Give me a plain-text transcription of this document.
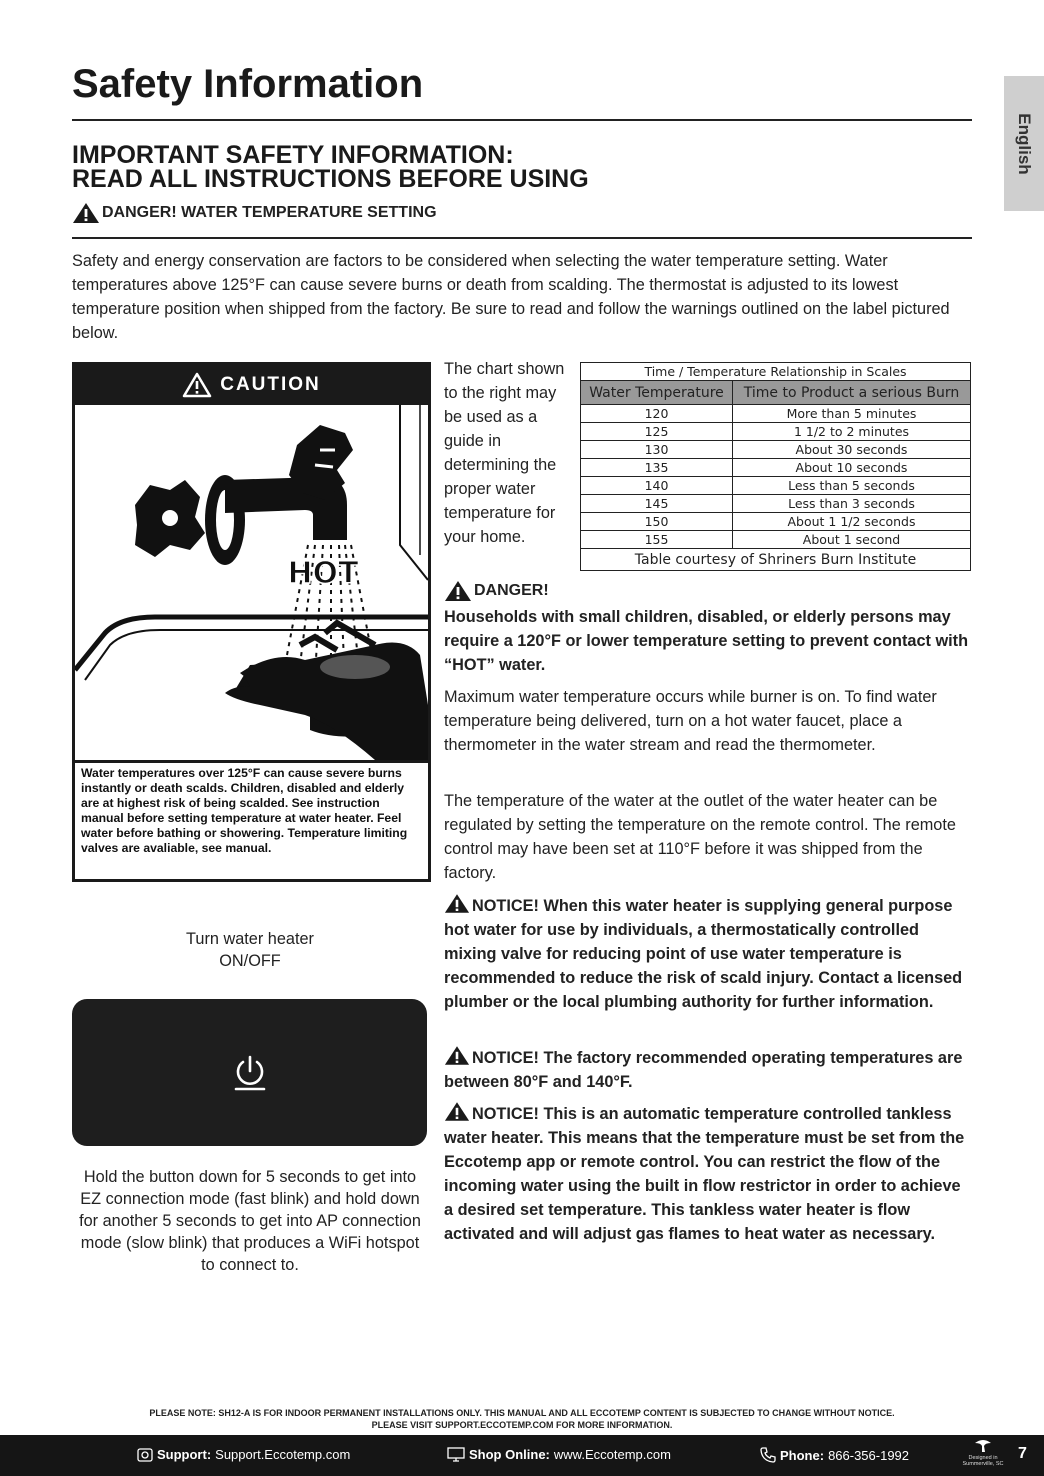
Safety Information
English
IMPORTANT SAFETY INFORMATION:
READ ALL INSTRUCTIONS BEFORE USING
DANGER! WATER TEMPERATURE SETTING
Safety and energy conservation are factors to be considered when selecting the water temperature setting. Water temperatures above 125°F can cause severe burns or death from scalding. The thermostat is adjusted to its lowest temperature position when shipped from the factory. Be sure to read and follow the warnings outlined on the label pictured below.
CAUTION
HOT
Water temperatures over 125°F can cause severe burns instantly or death scalds. Children, disabled and elderly are at highest risk of being scalded. See instruction manual before setting temperature at water heater. Feel water before bathing or showering. Temperature limiting valves are avaliable, see manual.
Turn water heater
ON/OFF
Hold the button down for 5 seconds to get into EZ connection mode (fast blink) and hold down for another 5 seconds to get into AP connection mode (slow blink) that produces a WiFi hotspot to connect to.
The chart shown to the right may be used as a guide in determining the proper water temperature for your home.
Time / Temperature Relationship in Scales	
Water Temperature	Time to Product a serious Burn
120	More than 5 minutes
125	1 1/2 to 2 minutes
130	About 30 seconds
135	About 10 seconds
140	Less than 5 seconds
145	Less than 3 seconds
150	About 1 1/2 seconds
155	About 1 second
Table courtesy of Shriners Burn Institute	
DANGER!
Households with small children, disabled, or elderly persons may require a 120°F or lower temperature setting to prevent contact with “HOT” water.
Maximum water temperature occurs while burner is on. To find water temperature being delivered, turn on a hot water faucet, place a thermometer in the water stream and read the thermometer.
The temperature of the water at the outlet of the water heater can be regulated by setting the temperature on the remote control. The remote control may have been set at 110°F before it was shipped from the factory.
NOTICE! When this water heater is supplying general purpose hot water for use by individuals, a thermostatically controlled mixing valve for reducing point of use water temperature is recommended to reduce the risk of scald injury. Contact a licensed plumber or the local plumbing authority for further information.
NOTICE! The factory recommended operating temperatures are between 80°F and 140°F.
NOTICE! This is an automatic temperature controlled tankless water heater. This means that the temperature must be set from the Eccotemp app or remote control. You can restrict the flow of the incoming water using the built in flow restrictor in order to achieve a desired set temperature. This tankless water heater is flow activated and will adjust gas flames to heat water as necessary.
PLEASE NOTE: SH12-A IS FOR INDOOR PERMANENT INSTALLATIONS ONLY. THIS MANUAL AND ALL ECCOTEMP CONTENT IS SUBJECTED TO CHANGE WITHOUT NOTICE.
PLEASE VISIT SUPPORT.ECCOTEMP.COM FOR MORE INFORMATION.
Support: Support.Eccotemp.com	Shop Online: www.Eccotemp.com	Phone: 866-356-1992	Designed in
Summerville, SC
7
